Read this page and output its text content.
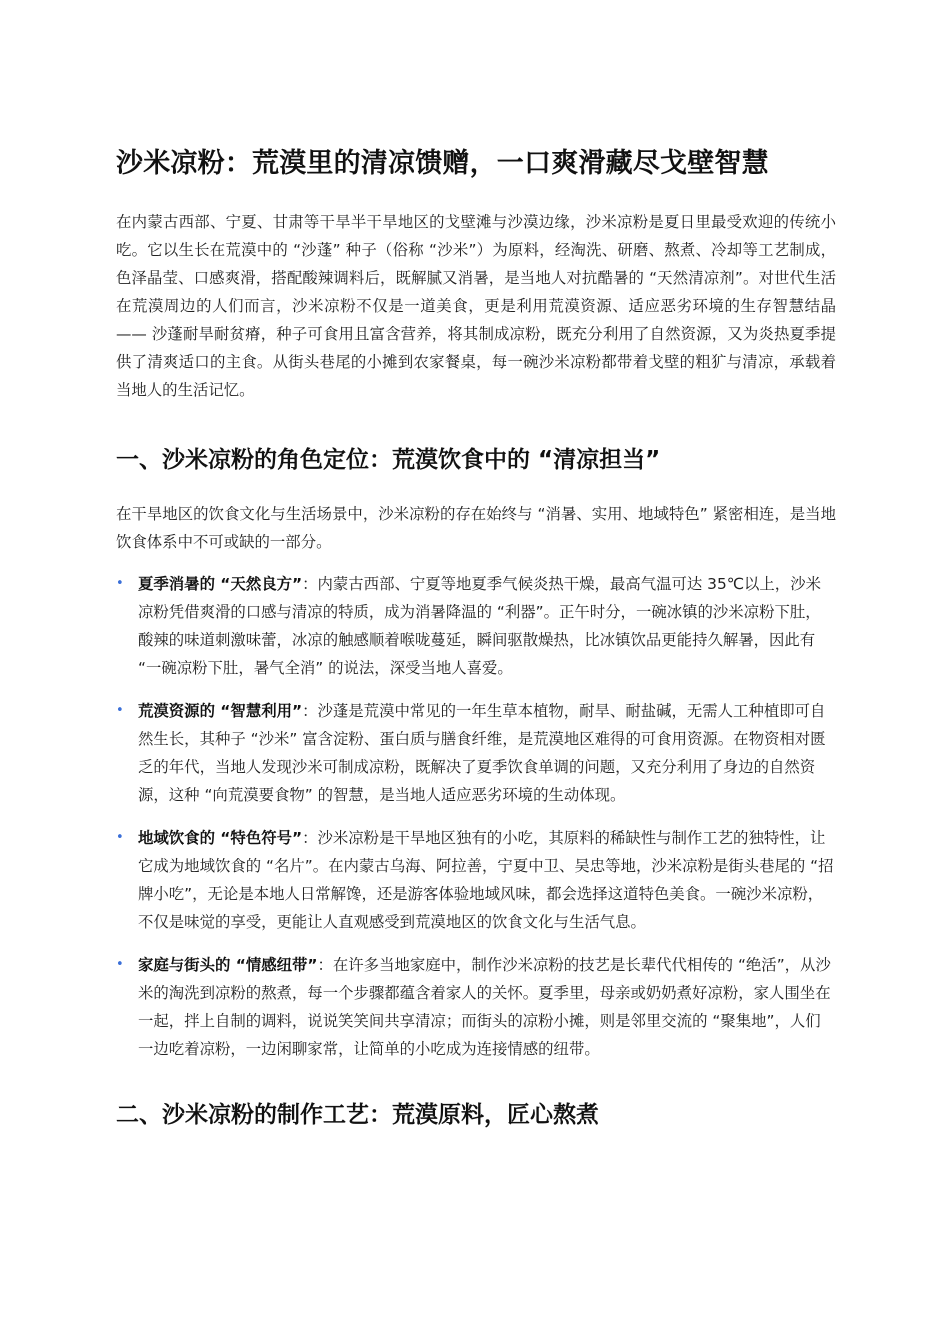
沙米凉粉：荒漠里的清凉馈赠，一口爽滑藏尽戈壁智慧

在内蒙古西部、宁夏、甘肃等干旱半干旱地区的戈壁滩与沙漠边缘，沙米凉粉是夏日里最受欢迎的传统小吃。它以生长在荒漠中的 “沙蓬” 种子（俗称 “沙米”）为原料，经淘洗、研磨、熬煮、冷却等工艺制成，色泽晶莹、口感爽滑，搭配酸辣调料后，既解腻又消暑，是当地人对抗酷暑的 “天然清凉剂”。对世代生活在荒漠周边的人们而言，沙米凉粉不仅是一道美食，更是利用荒漠资源、适应恶劣环境的生存智慧结晶 —— 沙蓬耐旱耐贫瘠，种子可食用且富含营养，将其制成凉粉，既充分利用了自然资源，又为炎热夏季提供了清爽适口的主食。从街头巷尾的小摊到农家餐桌，每一碗沙米凉粉都带着戈壁的粗犷与清凉，承载着当地人的生活记忆。

一、沙米凉粉的角色定位：荒漠饮食中的 “清凉担当”

在干旱地区的饮食文化与生活场景中，沙米凉粉的存在始终与 “消暑、实用、地域特色” 紧密相连，是当地饮食体系中不可或缺的一部分。

• 夏季消暑的 “天然良方”：内蒙古西部、宁夏等地夏季气候炎热干燥，最高气温可达 35℃以上，沙米凉粉凭借爽滑的口感与清凉的特质，成为消暑降温的 “利器”。正午时分，一碗冰镇的沙米凉粉下肚，酸辣的味道刺激味蕾，冰凉的触感顺着喉咙蔓延，瞬间驱散燥热，比冰镇饮品更能持久解暑，因此有 “一碗凉粉下肚，暑气全消” 的说法，深受当地人喜爱。
• 荒漠资源的 “智慧利用”：沙蓬是荒漠中常见的一年生草本植物，耐旱、耐盐碱，无需人工种植即可自然生长，其种子 “沙米” 富含淀粉、蛋白质与膳食纤维，是荒漠地区难得的可食用资源。在物资相对匮乏的年代，当地人发现沙米可制成凉粉，既解决了夏季饮食单调的问题，又充分利用了身边的自然资源，这种 “向荒漠要食物” 的智慧，是当地人适应恶劣环境的生动体现。
• 地域饮食的 “特色符号”：沙米凉粉是干旱地区独有的小吃，其原料的稀缺性与制作工艺的独特性，让它成为地域饮食的 “名片”。在内蒙古乌海、阿拉善，宁夏中卫、吴忠等地，沙米凉粉是街头巷尾的 “招牌小吃”，无论是本地人日常解馋，还是游客体验地域风味，都会选择这道特色美食。一碗沙米凉粉，不仅是味觉的享受，更能让人直观感受到荒漠地区的饮食文化与生活气息。
• 家庭与街头的 “情感纽带”：在许多当地家庭中，制作沙米凉粉的技艺是长辈代代相传的 “绝活”，从沙米的淘洗到凉粉的熬煮，每一个步骤都蕴含着家人的关怀。夏季里，母亲或奶奶煮好凉粉，家人围坐在一起，拌上自制的调料，说说笑笑间共享清凉；而街头的凉粉小摊，则是邻里交流的 “聚集地”，人们一边吃着凉粉，一边闲聊家常，让简单的小吃成为连接情感的纽带。
二、沙米凉粉的制作工艺：荒漠原料，匠心熬煮
